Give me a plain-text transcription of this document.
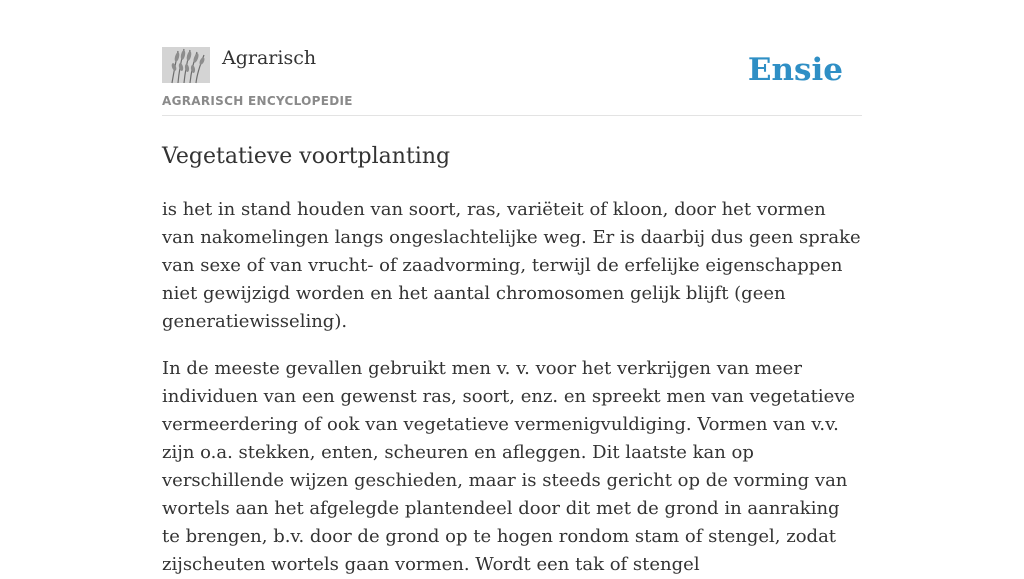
Agrarisch
AGRARISCH ENCYCLOPEDIE
Ensie
Vegetatieve voortplanting

is het in stand houden van soort, ras, variëteit of kloon, door het vormen van nakomelingen langs ongeslachtelijke weg. Er is daarbij dus geen sprake van sexe of van vrucht- of zaadvorming, terwijl de erfelijke eigenschappen niet gewijzigd worden en het aantal chromosomen gelijk blijft (geen generatiewisseling).

In de meeste gevallen gebruikt men v. v. voor het verkrijgen van meer individuen van een gewenst ras, soort, enz. en spreekt men van vegetatieve vermeerdering of ook van vegetatieve vermenigvuldiging. Vormen van v.v. zijn o.a. stekken, enten, scheuren en afleggen. Dit laatste kan op verschillende wijzen geschieden, maar is steeds gericht op de vorming van wortels aan het afgelegde plantendeel door dit met de grond in aanraking te brengen, b.v. door de grond op te hogen rondom stam of stengel, zodat zijscheuten wortels gaan vormen. Wordt een tak of stengel
